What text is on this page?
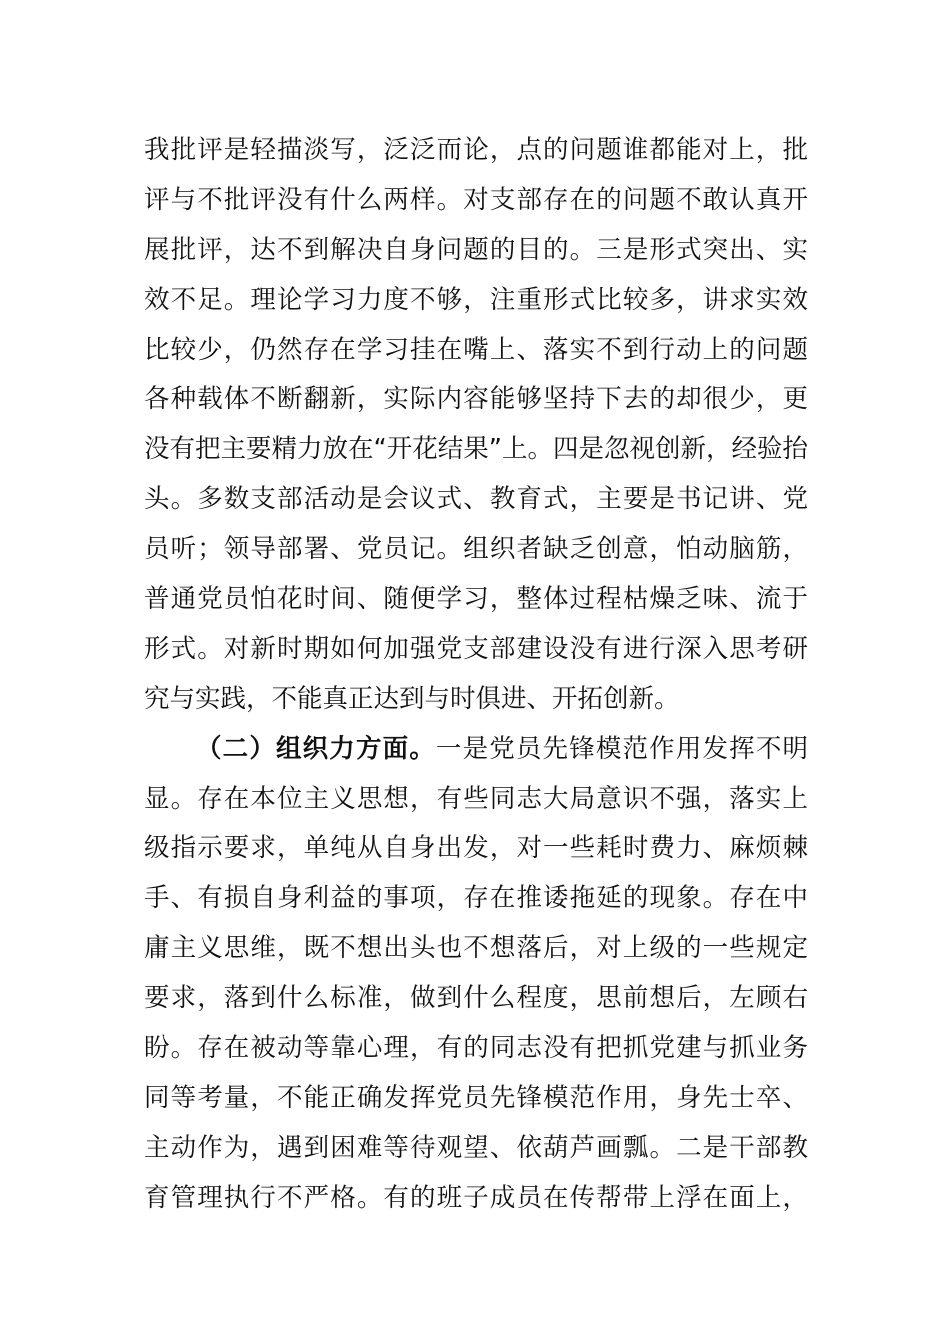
我批评是轻描淡写，泛泛而论，点的问题谁都能对上，批
评与不批评没有什么两样。对支部存在的问题不敢认真开
展批评，达不到解决自身问题的目的。三是形式突出、实
效不足。理论学习力度不够，注重形式比较多，讲求实效
比较少，仍然存在学习挂在嘴上、落实不到行动上的问题
各种载体不断翻新，实际内容能够坚持下去的却很少，更
没有把主要精力放在“开花结果”上。四是忽视创新，经验抬
头。多数支部活动是会议式、教育式，主要是书记讲、党
员听；领导部署、党员记。组织者缺乏创意，怕动脑筋，
普通党员怕花时间、随便学习，整体过程枯燥乏味、流于
形式。对新时期如何加强党支部建设没有进行深入思考研
究与实践，不能真正达到与时俱进、开拓创新。
（二）组织力方面。一是党员先锋模范作用发挥不明
显。存在本位主义思想，有些同志大局意识不强，落实上
级指示要求，单纯从自身出发，对一些耗时费力、麻烦棘
手、有损自身利益的事项，存在推诿拖延的现象。存在中
庸主义思维，既不想出头也不想落后，对上级的一些规定
要求，落到什么标准，做到什么程度，思前想后，左顾右
盼。存在被动等靠心理，有的同志没有把抓党建与抓业务
同等考量，不能正确发挥党员先锋模范作用，身先士卒、
主动作为，遇到困难等待观望、依葫芦画瓢。二是干部教
育管理执行不严格。有的班子成员在传帮带上浮在面上，
